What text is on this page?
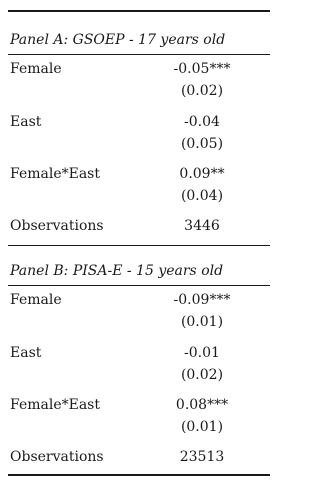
Panel A: GSOEP - 17 years old
Female	-0.05***
(0.02)
East	-0.04
(0.05)
Female*East	0.09**
(0.04)
Observations	3446
Panel B: PISA-E - 15 years old
Female	-0.09***
(0.01)
East	-0.01
(0.02)
Female*East	0.08***
(0.01)
Observations	23513
